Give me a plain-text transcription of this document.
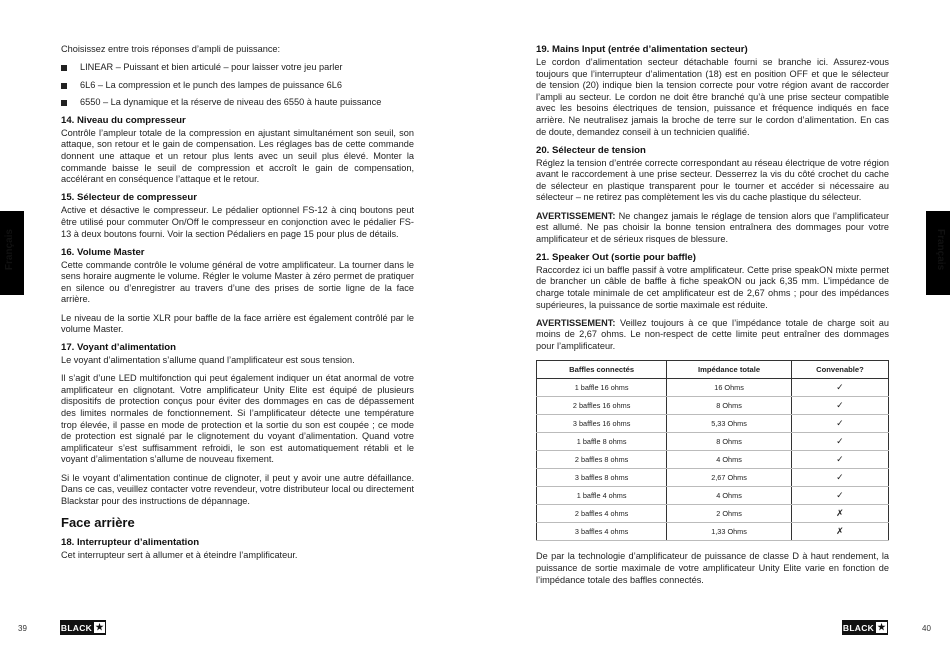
Choisissez entre trois réponses d’ampli de puissance:

LINEAR – Puissant et bien articulé – pour laisser votre jeu parler
6L6 – La compression et le punch des lampes de puissance 6L6
6550 – La dynamique et la réserve de niveau des 6550 à haute puissance
14. Niveau du compresseur

Contrôle l’ampleur totale de la compression en ajustant simultanément son seuil, son attaque, son retour et le gain de compensation. Les réglages bas de cette commande donnent une attaque et un retour plus lents avec un seuil plus élevé. Monter la commande baisse le seuil de compression et accroît le gain de compensation, accélérant en conséquence l’attaque et le retour.

15. Sélecteur de compresseur

Active et désactive le compresseur. Le pédalier optionnel FS-12 à cinq boutons peut être utilisé pour commuter On/Off le compresseur en conjonction avec le pédalier FS-13 à deux boutons fourni. Voir la section Pédaliers en page 15 pour plus de détails.

16. Volume Master

Cette commande contrôle le volume général de votre amplificateur. La tourner dans le sens horaire augmente le volume. Régler le volume Master à zéro permet de pratiquer en silence ou d’enregistrer au travers d’une des prises de sortie ligne de la face arrière.

Le niveau de la sortie XLR pour baffle de la face arrière est également contrôlé par le volume Master.

17. Voyant d’alimentation

Le voyant d’alimentation s’allume quand l’amplificateur est sous tension.

Il s’agit d’une LED multifonction qui peut également indiquer un état anormal de votre amplificateur en clignotant. Votre amplificateur Unity Elite est équipé de plusieurs dispositifs de protection conçus pour éviter des dommages en cas de dépassement des limites normales de fonctionnement. Si l’amplificateur détecte une température trop élevée, il passe en mode de protection et la sortie du son est coupée ; ce mode de protection est signalé par le clignotement du voyant d’alimentation. Quand votre amplificateur s’est suffisamment refroidi, le son est automatiquement rétabli et le voyant d’alimentation s’allume de nouveau fixement.

Si le voyant d’alimentation continue de clignoter, il peut y avoir une autre défaillance. Dans ce cas, veuillez contacter votre revendeur, votre distributeur local ou directement Blackstar pour des instructions de dépannage.

Face arrière
18. Interrupteur d’alimentation

Cet interrupteur sert à allumer et à éteindre l’amplificateur.

19. Mains Input (entrée d’alimentation secteur)

Le cordon d’alimentation secteur détachable fourni se branche ici. Assurez-vous toujours que l’interrupteur d’alimentation (18) est en position OFF et que le sélecteur de tension (20) indique bien la tension correcte pour votre région avant de raccorder l’ampli au secteur. Le cordon ne doit être branché qu’à une prise secteur compatible avec les besoins électriques de tension, puissance et fréquence indiqués en face arrière. Ne neutralisez jamais la broche de terre sur le cordon d’alimentation. En cas de doute, demandez conseil à un technicien qualifié.

20. Sélecteur de tension

Réglez la tension d’entrée correcte correspondant au réseau électrique de votre région avant le raccordement à une prise secteur. Desserrez la vis du côté crochet du cache de sélecteur en plastique transparent pour le tourner et accéder si nécessaire au sélecteur – ne retirez pas complètement les vis du cache plastique du sélecteur.

AVERTISSEMENT: Ne changez jamais le réglage de tension alors que l’amplificateur est allumé. Ne pas choisir la bonne tension entraînera des dommages pour votre amplificateur et de sérieux risques de blessure.

21. Speaker Out (sortie pour baffle)

Raccordez ici un baffle passif à votre amplificateur. Cette prise speakON mixte permet de brancher un câble de baffle à fiche speakON ou jack 6,35 mm. L’impédance de charge totale minimale de cet amplificateur est de 2,67 ohms ; pour des impédances supérieures, la puissance de sortie maximale est réduite.

AVERTISSEMENT: Veillez toujours à ce que l’impédance totale de charge soit au moins de 2,67 ohms. Le non-respect de cette limite peut entraîner des dommages pour l’amplificateur.

Baffles connectés	Impédance totale	Convenable?
1 baffle 16 ohms	16 Ohms	✓
2 baffles 16 ohms	8 Ohms	✓
3 baffles 16 ohms	5,33 Ohms	✓
1 baffle 8 ohms	8 Ohms	✓
2 baffles 8 ohms	4 Ohms	✓
3 baffles 8 ohms	2,67 Ohms	✓
1 baffle 4 ohms	4 Ohms	✓
2 baffles 4 ohms	2 Ohms	✗
3 baffles 4 ohms	1,33 Ohms	✗

De par la technologie d’amplificateur de puissance de classe D à haut rendement, la puissance de sortie maximale de votre amplificateur Unity Elite varie en fonction de l’impédance totale des baffles connectés.

Français	Français
39	BLACK ★	BLACK ★	40
